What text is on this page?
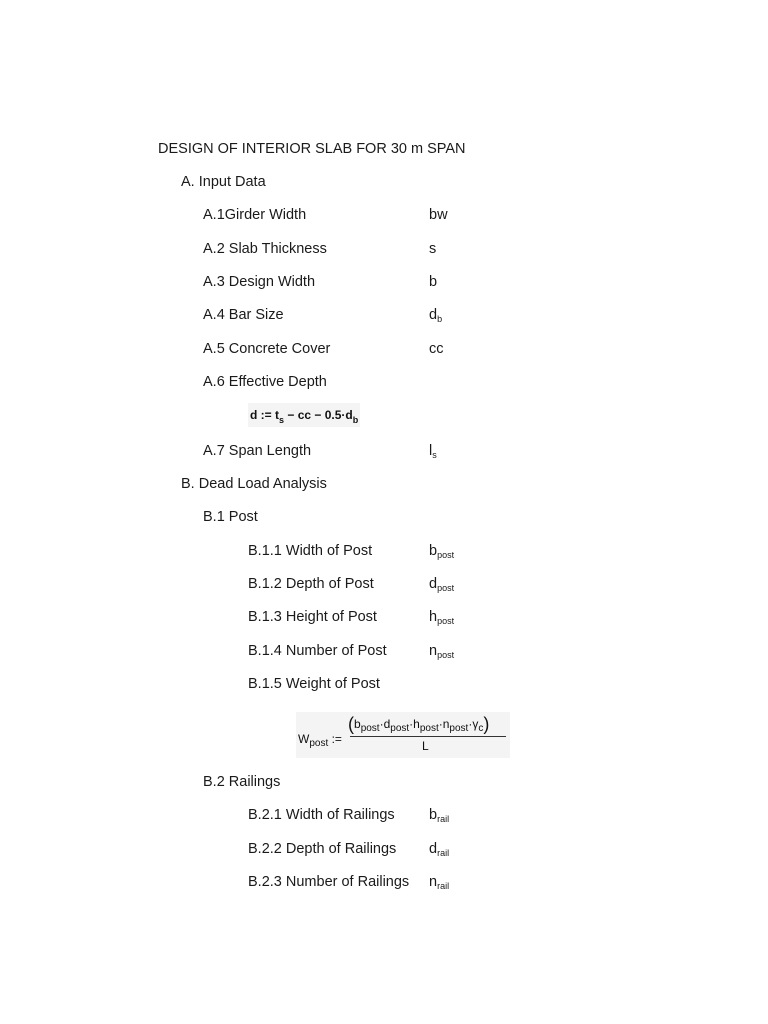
DESIGN OF INTERIOR SLAB FOR 30 m SPAN
A. Input Data
A.1Girder Width	bw
A.2 Slab Thickness	s
A.3 Design Width	b
A.4 Bar Size	$d_b$
A.5 Concrete Cover	cc
A.6 Effective Depth
d := $t_s$ − cc − $0.5\cdot d_b$
A.7 Span Length	$l_s$
B. Dead Load Analysis
B.1 Post
B.1.1 Width of Post	$b_{post}$
B.1.2 Depth of Post	$d_{post}$
B.1.3 Height of Post	$h_{post}$
B.1.4 Number of Post	$n_{post}$
B.1.5 Weight of Post
$W_{post}$ :=
$(b_{post}\cdot d_{post}\cdot h_{post}\cdot n_{post}\cdot\gamma_c)$
L
B.2 Railings
B.2.1 Width of Railings $b_{rail}$
B.2.2 Depth of Railings $d_{rail}$
B.2.3 Number of Railings $n_{rail}$
